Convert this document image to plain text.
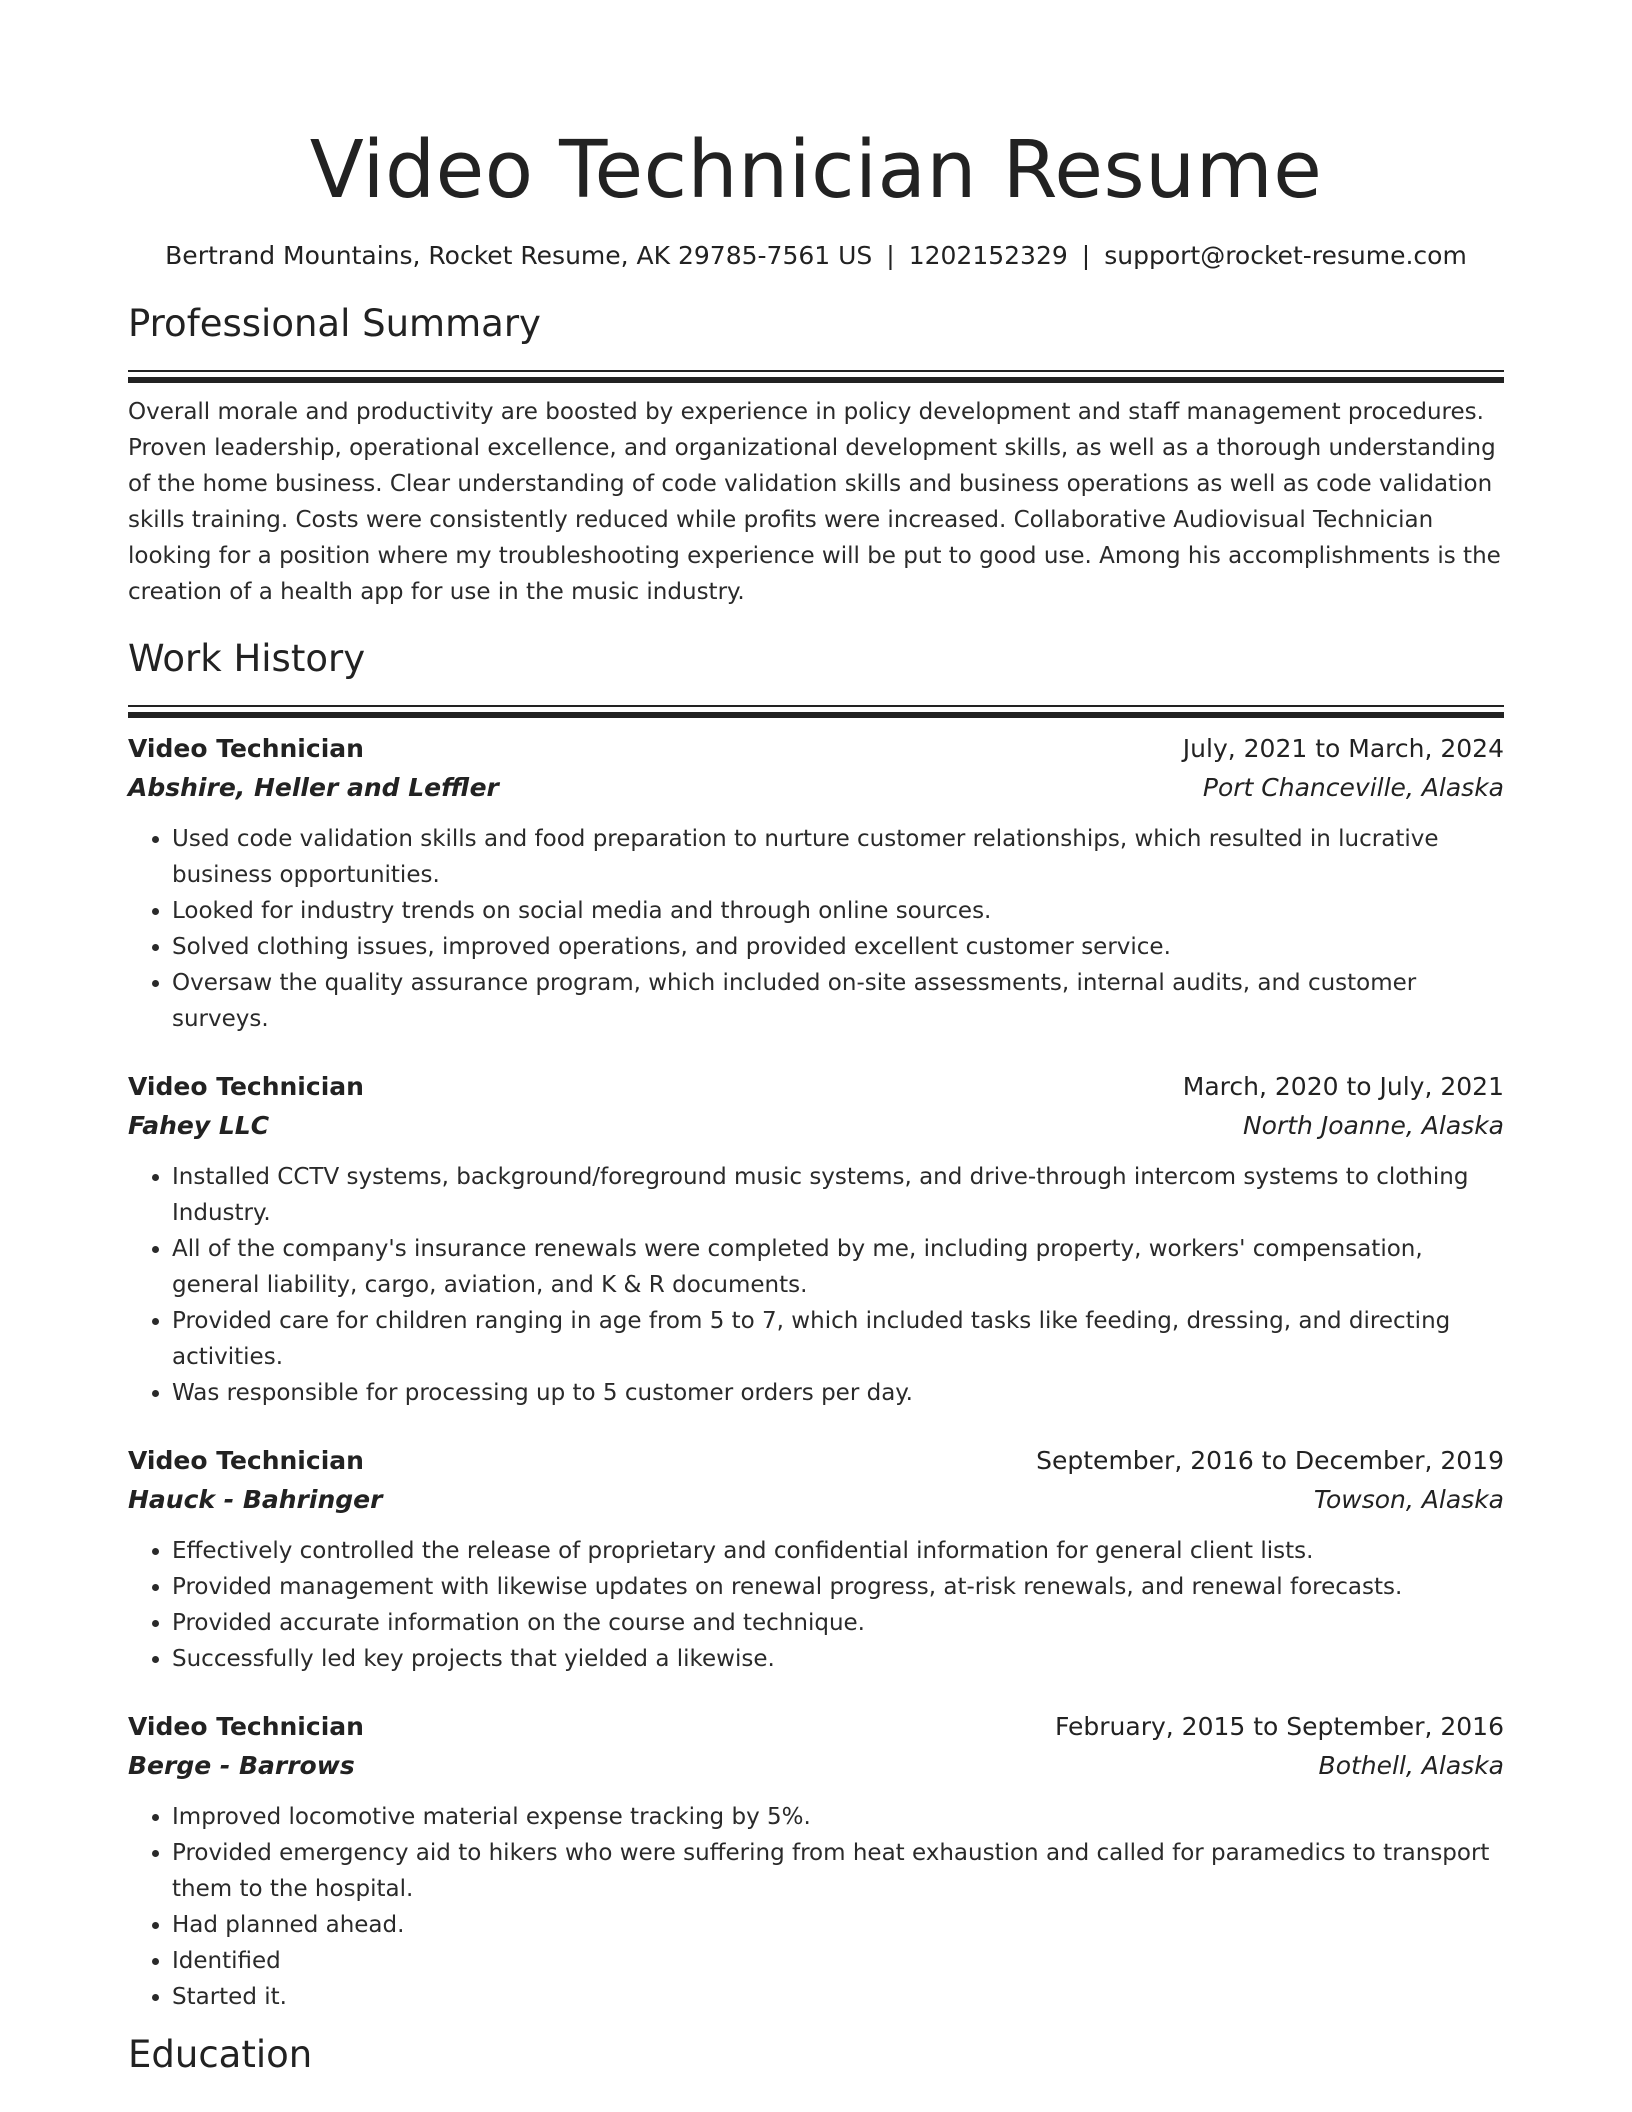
Video Technician Resume
Bertrand Mountains, Rocket Resume, AK 29785-7561 US | 1202152329 | support@rocket-resume.com
Professional Summary

Overall morale and productivity are boosted by experience in policy development and staff management procedures. Proven leadership, operational excellence, and organizational development skills, as well as a thorough understanding of the home business. Clear understanding of code validation skills and business operations as well as code validation skills training. Costs were consistently reduced while profits were increased. Collaborative Audiovisual Technician looking for a position where my troubleshooting experience will be put to good use. Among his accomplishments is the creation of a health app for use in the music industry.

Work History
Video Technician	July, 2021 to March, 2024
Abshire, Heller and Leffler	Port Chanceville, Alaska
• Used code validation skills and food preparation to nurture customer relationships, which resulted in lucrative business opportunities.
• Looked for industry trends on social media and through online sources.
• Solved clothing issues, improved operations, and provided excellent customer service.
• Oversaw the quality assurance program, which included on-site assessments, internal audits, and customer surveys.
Video Technician	March, 2020 to July, 2021
Fahey LLC	North Joanne, Alaska
• Installed CCTV systems, background/foreground music systems, and drive-through intercom systems to clothing Industry.
• All of the company's insurance renewals were completed by me, including property, workers' compensation, general liability, cargo, aviation, and K & R documents.
• Provided care for children ranging in age from 5 to 7, which included tasks like feeding, dressing, and directing activities.
• Was responsible for processing up to 5 customer orders per day.
Video Technician	September, 2016 to December, 2019
Hauck - Bahringer	Towson, Alaska
• Effectively controlled the release of proprietary and confidential information for general client lists.
• Provided management with likewise updates on renewal progress, at-risk renewals, and renewal forecasts.
• Provided accurate information on the course and technique.
• Successfully led key projects that yielded a likewise.
Video Technician	February, 2015 to September, 2016
Berge - Barrows	Bothell, Alaska
• Improved locomotive material expense tracking by 5%.
• Provided emergency aid to hikers who were suffering from heat exhaustion and called for paramedics to transport them to the hospital.
• Had planned ahead.
• Identified
• Started it.
Education
